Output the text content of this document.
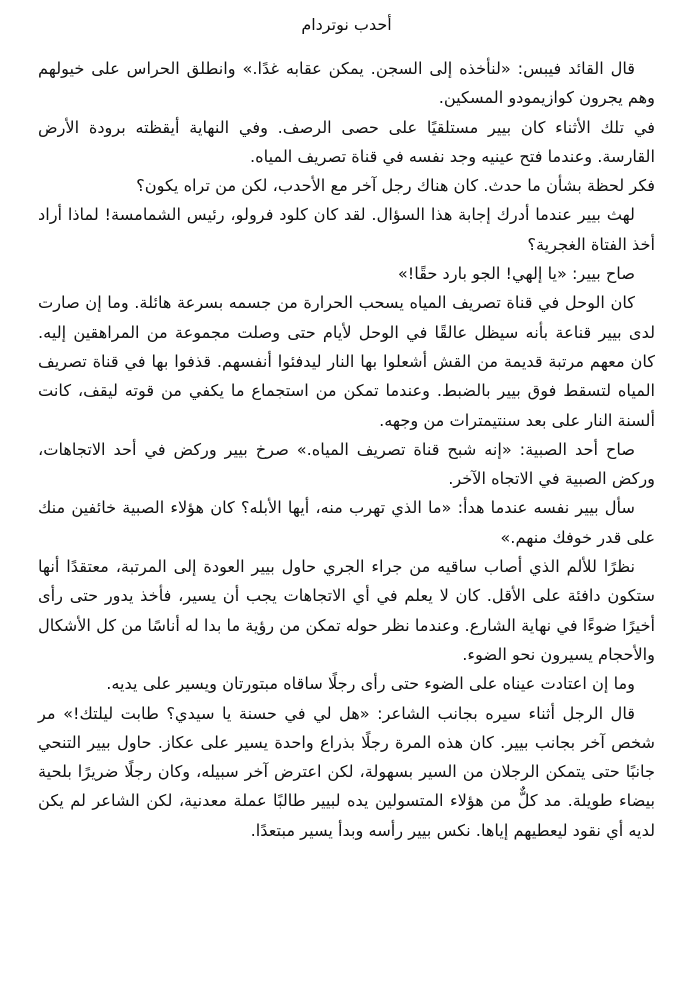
أحدب نوتردام

قال القائد فيبس: «لنأخذه إلى السجن. يمكن عقابه غدًا.» وانطلق الحراس على خيولهم وهم يجرون كوازيمودو المسكين.

في تلك الأثناء كان بيير مستلقيًا على حصى الرصف. وفي النهاية أيقظته برودة الأرض القارسة. وعندما فتح عينيه وجد نفسه في قناة تصريف المياه.

فكر لحظة بشأن ما حدث. كان هناك رجل آخر مع الأحدب، لكن من تراه يكون؟

لهث بيير عندما أدرك إجابة هذا السؤال. لقد كان كلود فرولو، رئيس الشمامسة! لماذا أراد أخذ الفتاة الغجرية؟

صاح بيير: «يا إلهي! الجو بارد حقًا!»

كان الوحل في قناة تصريف المياه يسحب الحرارة من جسمه بسرعة هائلة. وما إن صارت لدى بيير قناعة بأنه سيظل عالقًا في الوحل لأيام حتى وصلت مجموعة من المراهقين إليه. كان معهم مرتبة قديمة من القش أشعلوا بها النار ليدفئوا أنفسهم. قذفوا بها في قناة تصريف المياه لتسقط فوق بيير بالضبط. وعندما تمكن من استجماع ما يكفي من قوته ليقف، كانت ألسنة النار على بعد سنتيمترات من وجهه.

صاح أحد الصبية: «إنه شبح قناة تصريف المياه.» صرخ بيير وركض في أحد الاتجاهات، وركض الصبية في الاتجاه الآخر.

سأل بيير نفسه عندما هدأ: «ما الذي تهرب منه، أيها الأبله؟ كان هؤلاء الصبية خائفين منك على قدر خوفك منهم.»

نظرًا للألم الذي أصاب ساقيه من جراء الجري حاول بيير العودة إلى المرتبة، معتقدًا أنها ستكون دافئة على الأقل. كان لا يعلم في أي الاتجاهات يجب أن يسير، فأخذ يدور حتى رأى أخيرًا ضوءًا في نهاية الشارع. وعندما نظر حوله تمكن من رؤية ما بدا له أناسًا من كل الأشكال والأحجام يسيرون نحو الضوء.

وما إن اعتادت عيناه على الضوء حتى رأى رجلًا ساقاه مبتورتان ويسير على يديه.

قال الرجل أثناء سيره بجانب الشاعر: «هل لي في حسنة يا سيدي؟ طابت ليلتك!» مر شخص آخر بجانب بيير. كان هذه المرة رجلًا بذراع واحدة يسير على عكاز. حاول بيير التنحي جانبًا حتى يتمكن الرجلان من السير بسهولة، لكن اعترض آخر سبيله، وكان رجلًا ضريرًا بلحية بيضاء طويلة. مد كلٌّ من هؤلاء المتسولين يده لبيير طالبًا عملة معدنية، لكن الشاعر لم يكن لديه أي نقود ليعطيهم إياها. نكس بيير رأسه وبدأ يسير مبتعدًا.
